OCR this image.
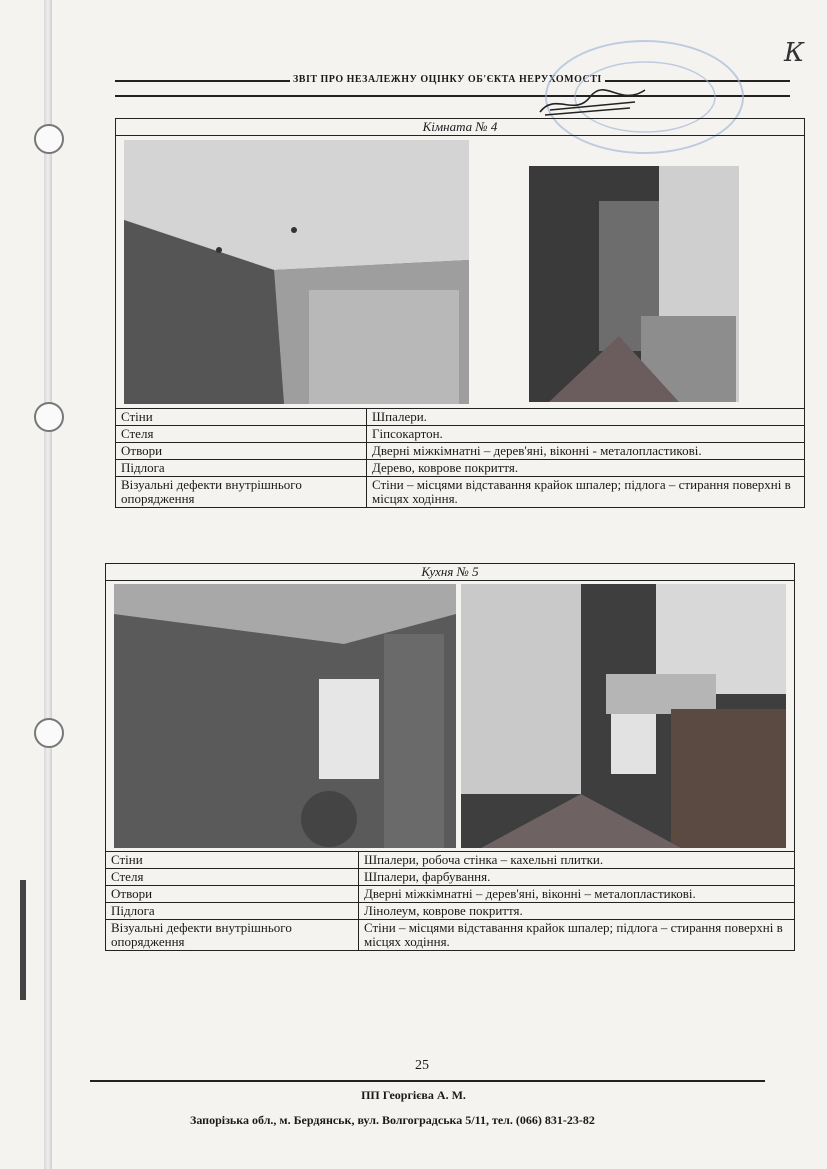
ЗВІТ ПРО НЕЗАЛЕЖНУ ОЦІНКУ ОБ'ЄКТА НЕРУХОМОСТІ
К
Кімната № 4	

Стіни	Шпалери.
Стеля	Гіпсокартон.
Отвори	Дверні міжкімнатні – дерев'яні, віконні - металопластикові.
Підлога	Дерево, коврове покриття.
Візуальні дефекти внутрішнього опорядження	Стіни – місцями відставання крайок шпалер; підлога – стирання поверхні в місцях ходіння.
Кухня № 5	

Стіни	Шпалери, робоча стінка – кахельні плитки.
Стеля	Шпалери, фарбування.
Отвори	Дверні міжкімнатні – дерев'яні, віконні – металопластикові.
Підлога	Лінолеум, коврове покриття.
Візуальні дефекти внутрішнього опорядження	Стіни – місцями відставання крайок шпалер; підлога – стирання поверхні в місцях ходіння.
25
ПП Георгієва А. М.
Запорізька обл., м. Бердянськ, вул. Волгоградська 5/11, тел. (066) 831-23-82
